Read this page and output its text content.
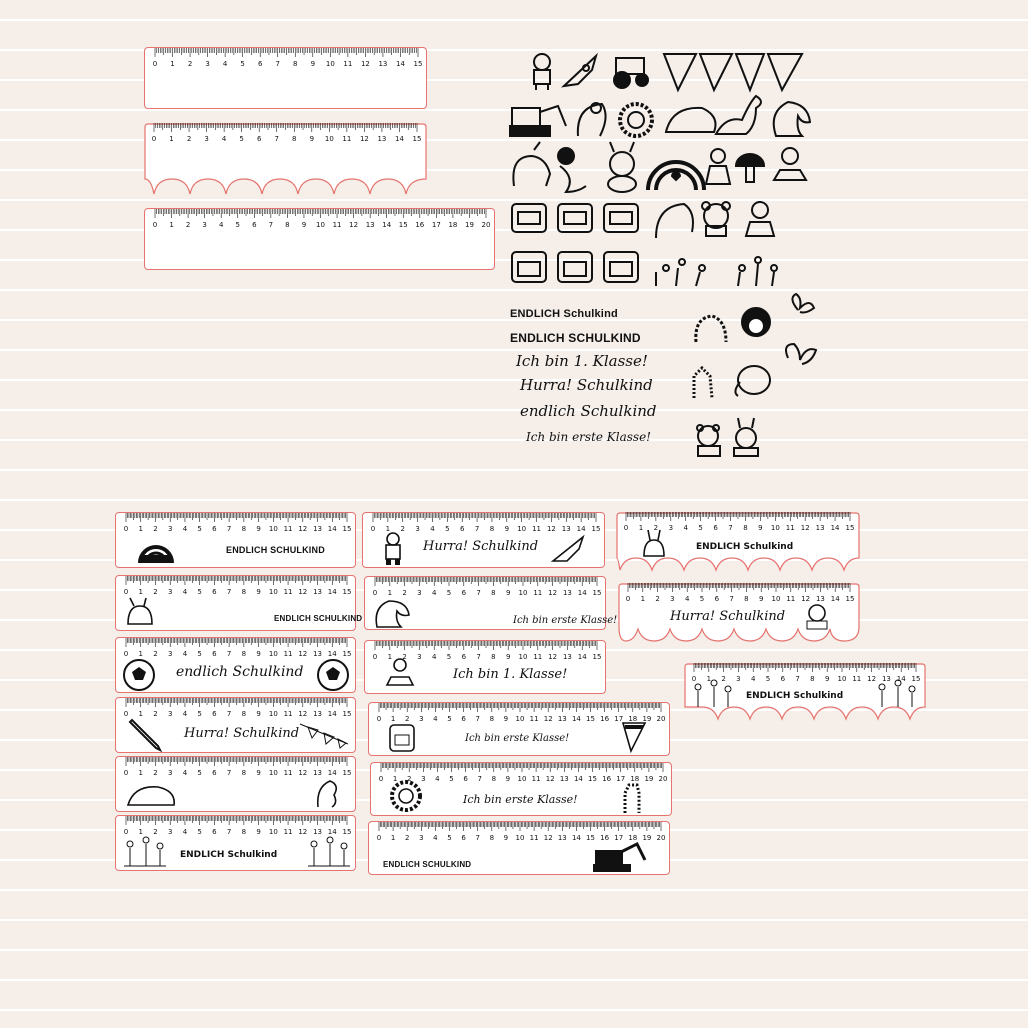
0 1 2 3 4 5 6 7 8 9 10 11 12 13 14 15
0 1 2 3 4 5 6 7 8 9 10 11 12 13 14 15
0 1 2 3 4 5 6 7 8 9 10 11 12 13 14 15 16 17 18 19 20
ENDLICH Schulkind
ENDLICH SCHULKIND
Ich bin 1. Klasse!
Hurra! Schulkind
endlich Schulkind
Ich bin erste Klasse!
0 1 2 3 4 5 6 7 8 9 10 11 12 13 14 15
ENDLICH SCHULKIND
0 1 2 3 4 5 6 7 8 9 10 11 12 13 14 15
ENDLICH SCHULKIND
0 1 2 3 4 5 6 7 8 9 10 11 12 13 14 15
endlich Schulkind
0 1 2 3 4 5 6 7 8 9 10 11 12 13 14 15
Hurra! Schulkind
0 1 2 3 4 5 6 7 8 9 10 11 12 13 14 15
0 1 2 3 4 5 6 7 8 9 10 11 12 13 14 15
ENDLICH Schulkind
0 1 2 3 4 5 6 7 8 9 10 11 12 13 14 15
Hurra! Schulkind
0 1 2 3 4 5 6 7 8 9 10 11 12 13 14 15
Ich bin erste Klasse!
0 1 2 3 4 5 6 7 8 9 10 11 12 13 14 15
Ich bin 1. Klasse!
0 1 2 3 4 5 6 7 8 9 10 11 12 13 14 15 16 17 18 19 20
Ich bin erste Klasse!
0 1 2 3 4 5 6 7 8 9 10 11 12 13 14 15 16 17 18 19 20
Ich bin erste Klasse!
0 1 2 3 4 5 6 7 8 9 10 11 12 13 14 15 16 17 18 19 20
ENDLICH SCHULKIND
0 1 2 3 4 5 6 7 8 9 10 11 12 13 14 15
ENDLICH Schulkind
0 1 2 3 4 5 6 7 8 9 10 11 12 13 14 15
Hurra! Schulkind
0 1 2 3 4 5 6 7 8 9 10 11 12 13 14 15
ENDLICH Schulkind
